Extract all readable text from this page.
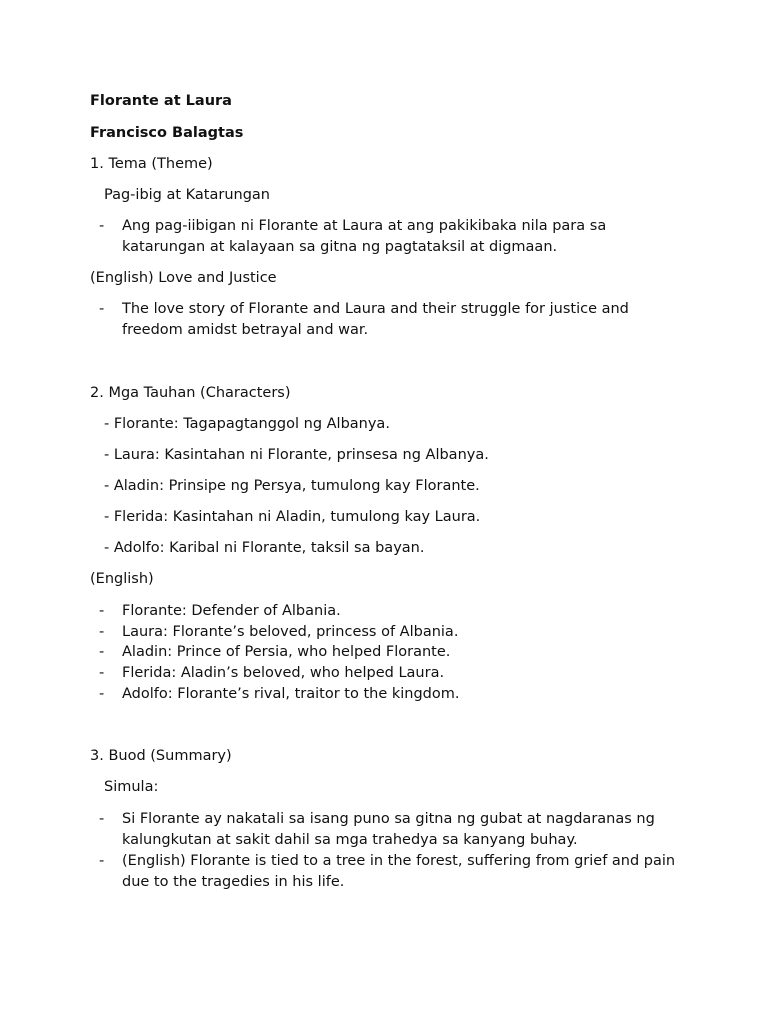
Florante at Laura

Francisco Balagtas

1. Tema (Theme)

Pag-ibig at Katarungan

- Ang pag-iibigan ni Florante at Laura at ang pakikibaka nila para sa katarungan at kalayaan sa gitna ng pagtataksil at digmaan.

(English) Love and Justice

- The love story of Florante and Laura and their struggle for justice and freedom amidst betrayal and war.

2. Mga Tauhan (Characters)

- Florante: Tagapagtanggol ng Albanya.

- Laura: Kasintahan ni Florante, prinsesa ng Albanya.

- Aladin: Prinsipe ng Persya, tumulong kay Florante.

- Flerida: Kasintahan ni Aladin, tumulong kay Laura.

- Adolfo: Karibal ni Florante, taksil sa bayan.

(English)

- Florante: Defender of Albania.

- Laura: Florante’s beloved, princess of Albania.

- Aladin: Prince of Persia, who helped Florante.

- Flerida: Aladin’s beloved, who helped Laura.

- Adolfo: Florante’s rival, traitor to the kingdom.

3. Buod (Summary)

Simula:

- Si Florante ay nakatali sa isang puno sa gitna ng gubat at nagdaranas ng kalungkutan at sakit dahil sa mga trahedya sa kanyang buhay.

- (English) Florante is tied to a tree in the forest, suffering from grief and pain due to the tragedies in his life.
